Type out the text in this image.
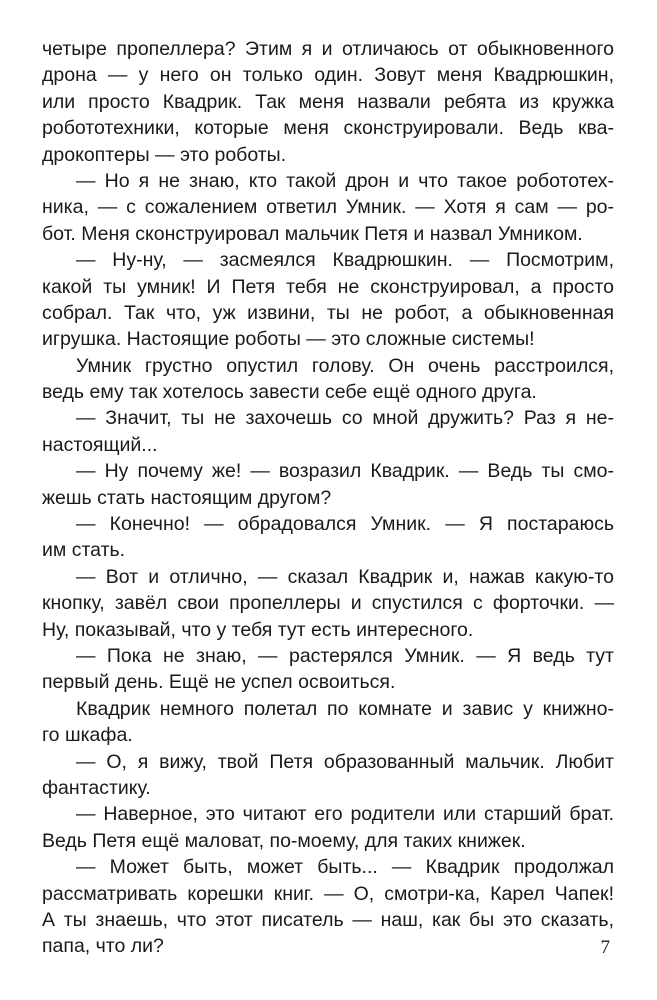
четыре пропеллера? Этим я и отличаюсь от обыкновенного
дрона — у него он только один. Зовут меня Квадрюшкин,
или просто Квадрик. Так меня назвали ребята из кружка
робототехники, которые меня сконструировали. Ведь ква-
дрокоптеры — это роботы.
— Но я не знаю, кто такой дрон и что такое робототех-
ника, — с сожалением ответил Умник. — Хотя я сам — ро-
бот. Меня сконструировал мальчик Петя и назвал Умником.
— Ну-ну, — засмеялся Квадрюшкин. — Посмотрим,
какой ты умник! И Петя тебя не сконструировал, а просто
собрал. Так что, уж извини, ты не робот, а обыкновенная
игрушка. Настоящие роботы — это сложные системы!
Умник грустно опустил голову. Он очень расстроился,
ведь ему так хотелось завести себе ещё одного друга.
— Значит, ты не захочешь со мной дружить? Раз я не-
настоящий...
— Ну почему же! — возразил Квадрик. — Ведь ты смо-
жешь стать настоящим другом?
— Конечно! — обрадовался Умник. — Я постараюсь
им стать.
— Вот и отлично, — сказал Квадрик и, нажав какую-то
кнопку, завёл свои пропеллеры и спустился с форточки. —
Ну, показывай, что у тебя тут есть интересного.
— Пока не знаю, — растерялся Умник. — Я ведь тут
первый день. Ещё не успел освоиться.
Квадрик немного полетал по комнате и завис у книжно-
го шкафа.
— О, я вижу, твой Петя образованный мальчик. Любит
фантастику.
— Наверное, это читают его родители или старший брат.
Ведь Петя ещё маловат, по-моему, для таких книжек.
— Может быть, может быть... — Квадрик продолжал
рассматривать корешки книг. — О, смотри-ка, Карел Чапек!
А ты знаешь, что этот писатель — наш, как бы это сказать,
папа, что ли?	7
